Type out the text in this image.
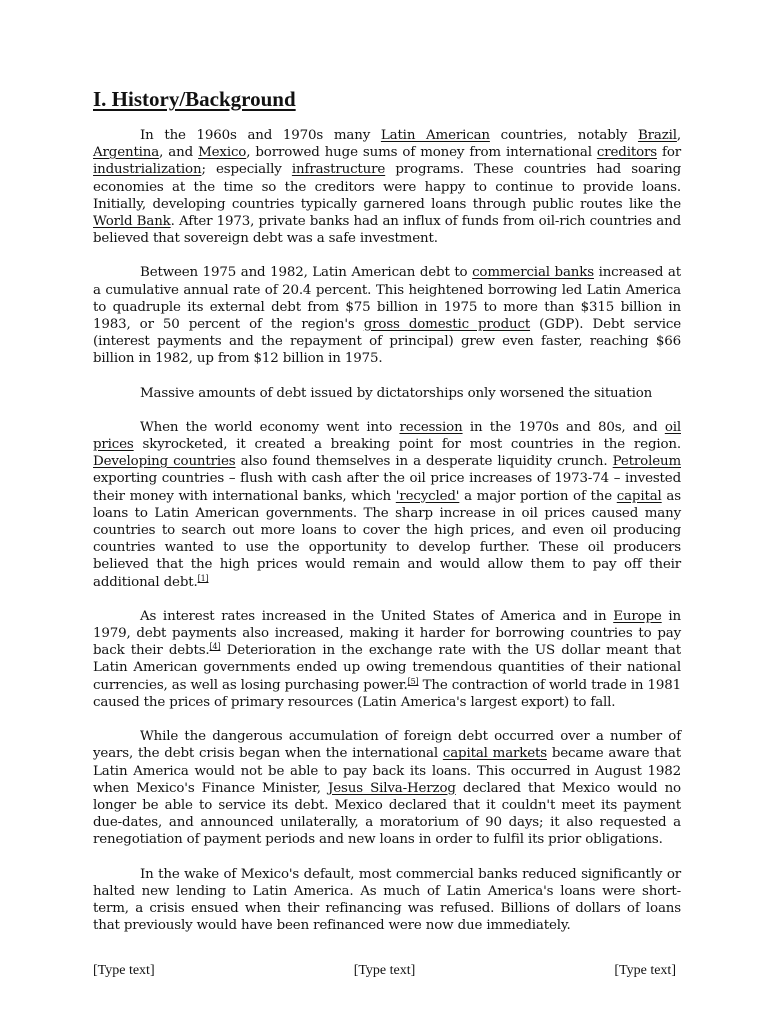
I. History/Background

In the 1960s and 1970s many Latin American countries, notably Brazil, Argentina, and Mexico, borrowed huge sums of money from international creditors for industrialization; especially infrastructure programs. These countries had soaring economies at the time so the creditors were happy to continue to provide loans. Initially, developing countries typically garnered loans through public routes like the World Bank. After 1973, private banks had an influx of funds from oil-rich countries and believed that sovereign debt was a safe investment.

Between 1975 and 1982, Latin American debt to commercial banks increased at a cumulative annual rate of 20.4 percent. This heightened borrowing led Latin America to quadruple its external debt from $75 billion in 1975 to more than $315 billion in 1983, or 50 percent of the region's gross domestic product (GDP). Debt service (interest payments and the repayment of principal) grew even faster, reaching $66 billion in 1982, up from $12 billion in 1975.

Massive amounts of debt issued by dictatorships only worsened the situation

When the world economy went into recession in the 1970s and 80s, and oil prices skyrocketed, it created a breaking point for most countries in the region. Developing countries also found themselves in a desperate liquidity crunch. Petroleum exporting countries – flush with cash after the oil price increases of 1973-74 – invested their money with international banks, which 'recycled' a major portion of the capital as loans to Latin American governments. The sharp increase in oil prices caused many countries to search out more loans to cover the high prices, and even oil producing countries wanted to use the opportunity to develop further. These oil producers believed that the high prices would remain and would allow them to pay off their additional debt.[1]

As interest rates increased in the United States of America and in Europe in 1979, debt payments also increased, making it harder for borrowing countries to pay back their debts.[4] Deterioration in the exchange rate with the US dollar meant that Latin American governments ended up owing tremendous quantities of their national currencies, as well as losing purchasing power.[5] The contraction of world trade in 1981 caused the prices of primary resources (Latin America's largest export) to fall.

While the dangerous accumulation of foreign debt occurred over a number of years, the debt crisis began when the international capital markets became aware that Latin America would not be able to pay back its loans. This occurred in August 1982 when Mexico's Finance Minister, Jesus Silva-Herzog declared that Mexico would no longer be able to service its debt. Mexico declared that it couldn't meet its payment due-dates, and announced unilaterally, a moratorium of 90 days; it also requested a renegotiation of payment periods and new loans in order to fulfil its prior obligations.

In the wake of Mexico's default, most commercial banks reduced significantly or halted new lending to Latin America. As much of Latin America's loans were short-term, a crisis ensued when their refinancing was refused. Billions of dollars of loans that previously would have been refinanced were now due immediately.

[Type text]	[Type text]	[Type text]
